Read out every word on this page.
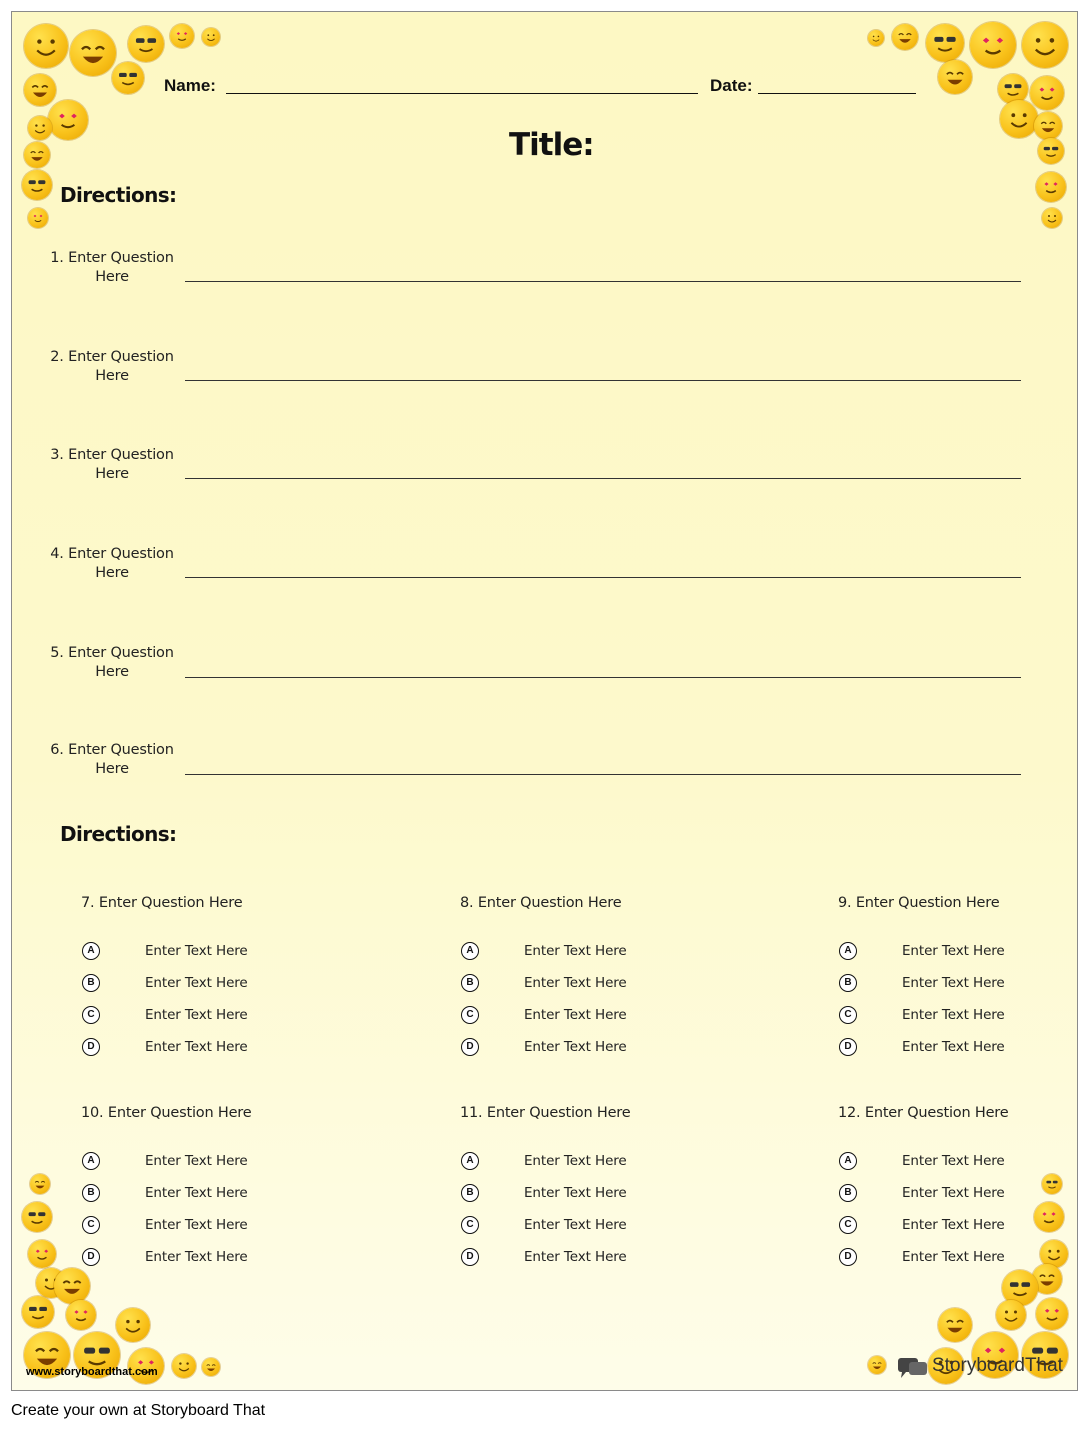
Name:	Date:
Title:
Directions:
1. Enter Question
Here
2. Enter Question
Here
3. Enter Question
Here
4. Enter Question
Here
5. Enter Question
Here
6. Enter Question
Here
Directions:
7. Enter Question Here
A	Enter Text Here
B	Enter Text Here
C	Enter Text Here
D	Enter Text Here
8. Enter Question Here
A	Enter Text Here
B	Enter Text Here
C	Enter Text Here
D	Enter Text Here
9. Enter Question Here
A	Enter Text Here
B	Enter Text Here
C	Enter Text Here
D	Enter Text Here
10. Enter Question Here
A	Enter Text Here
B	Enter Text Here
C	Enter Text Here
D	Enter Text Here
11. Enter Question Here
A	Enter Text Here
B	Enter Text Here
C	Enter Text Here
D	Enter Text Here
12. Enter Question Here
A	Enter Text Here
B	Enter Text Here
C	Enter Text Here
D	Enter Text Here
www.storyboardthat.com	StoryboardThat
Create your own at Storyboard That
